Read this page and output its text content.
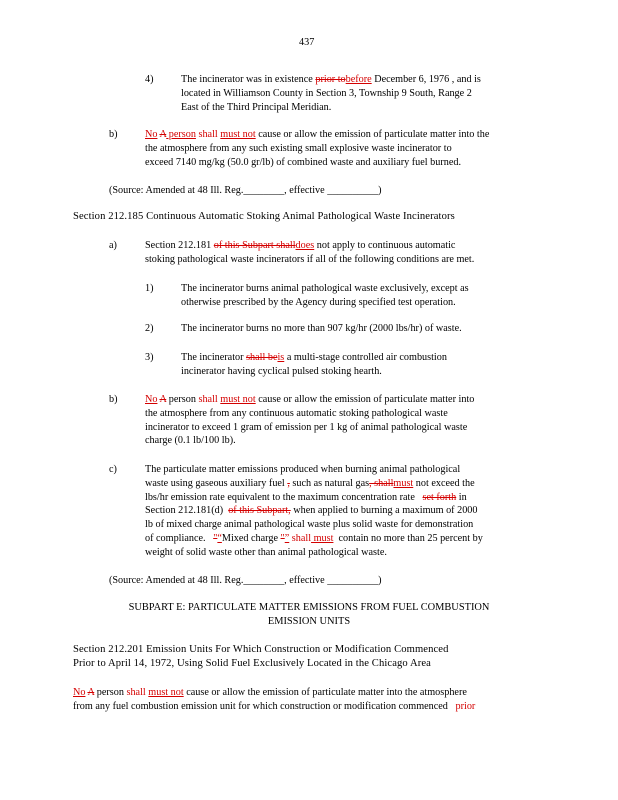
437
4)	The incinerator was in existence prior tobefore December 6, 1976 , and is
located in Williamson County in Section 3, Township 9 South, Range 2
East of the Third Principal Meridian.
b)	No A person shall must not cause or allow the emission of particulate matter into the
the atmosphere from any such existing small explosive waste incinerator to
exceed 7140 mg/kg (50.0 gr/lb) of combined waste and auxiliary fuel burned.
(Source: Amended at 48 Ill. Reg.________, effective __________)
Section 212.185 Continuous Automatic Stoking Animal Pathological Waste Incinerators
a)	Section 212.181 of this Subpart shalldoes not apply to continuous automatic
stoking pathological waste incinerators if all of the following conditions are met.
1)	The incinerator burns animal pathological waste exclusively, except as
otherwise prescribed by the Agency during specified test operation.
2)	The incinerator burns no more than 907 kg/hr (2000 lbs/hr) of waste.
3)	The incinerator shall beis a multi-stage controlled air combustion
incinerator having cyclical pulsed stoking hearth.
b)	No A person shall must not cause or allow the emission of particulate matter into
the atmosphere from any continuous automatic stoking pathological waste
incinerator to exceed 1 gram of emission per 1 kg of animal pathological waste
charge (0.1 lb/100 lb).
c)	The particulate matter emissions produced when burning animal pathological
waste using gaseous auxiliary fuel , such as natural gas, shallmust not exceed the
lbs/hr emission rate equivalent to the maximum concentration rate   set forth in
Section 212.181(d)  of this Subpart, when applied to burning a maximum of 2000
lb of mixed charge animal pathological waste plus solid waste for demonstration
of compliance.   "“Mixed charge "” shall must  contain no more than 25 percent by
weight of solid waste other than animal pathological waste.
(Source: Amended at 48 Ill. Reg.________, effective __________)
SUBPART E: PARTICULATE MATTER EMISSIONS FROM FUEL COMBUSTION
EMISSION UNITS
Section 212.201 Emission Units For Which Construction or Modification Commenced
Prior to April 14, 1972, Using Solid Fuel Exclusively Located in the Chicago Area
No A person shall must not cause or allow the emission of particulate matter into the atmosphere
from any fuel combustion emission unit for which construction or modification commenced   prior
